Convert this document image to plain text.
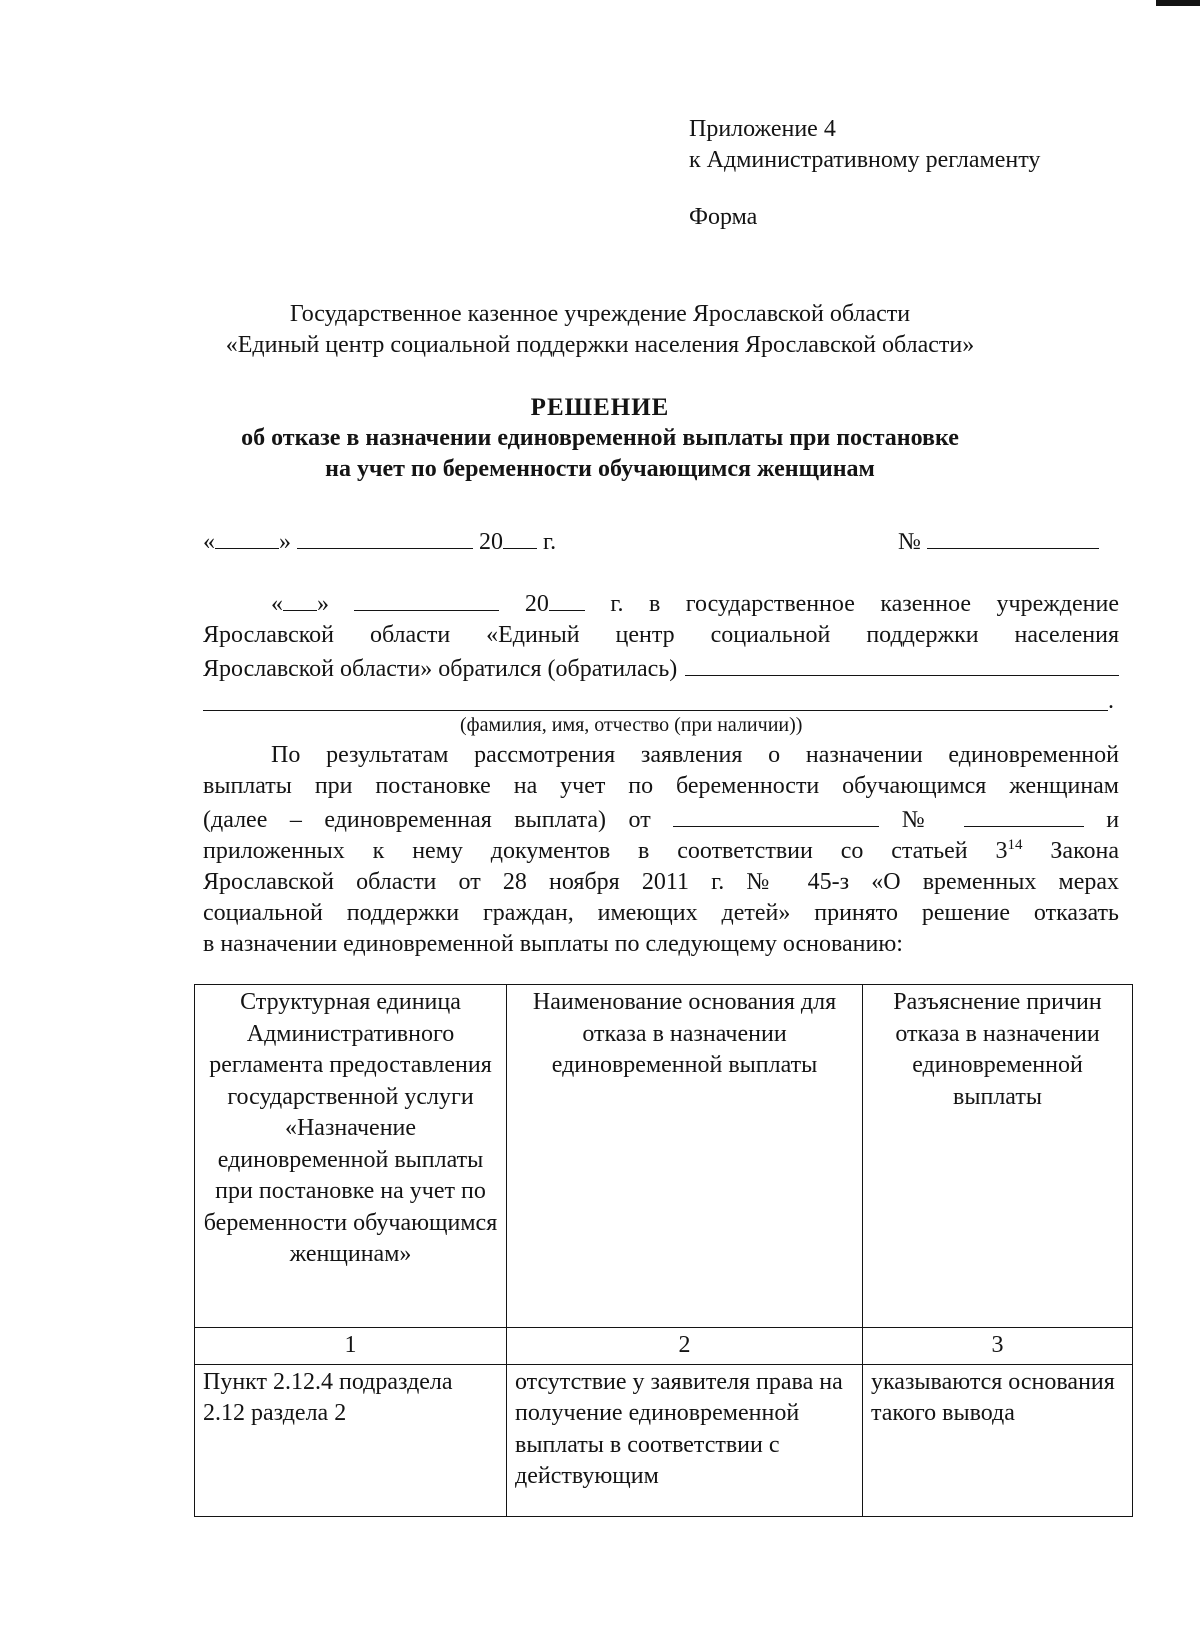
Приложение 4
к Административному регламенту
Форма
Государственное казенное учреждение Ярославской области
«Единый центр социальной поддержки населения Ярославской области»
РЕШЕНИЕ
об отказе в назначении единовременной выплаты при постановке
на учет по беременности обучающимся женщинам
«	»	20 г.	№
« »	20	г. в государственное казенное учреждение
Ярославской области «Единый центр социальной поддержки населения
Ярославской области» обратился (обратилась)
.
(фамилия, имя, отчество (при наличии))
По результатам рассмотрения заявления о назначении единовременной
выплаты при постановке на учет по беременности обучающимся женщинам
(далее – единовременная выплата) от	№	и
приложенных к нему документов в соответствии со статьей $3^{14}$ Закона
Ярославской области от 28 ноября 2011 г. № 45-з «О временных мерах
социальной поддержки граждан, имеющих детей» принято решение отказать
в назначении единовременной выплаты по следующему основанию:
Структурная единица Административного регламента предоставления государственной услуги «Назначение единовременной выплаты при постановке на учет по беременности обучающимся женщинам»	Наименование основания для отказа в назначении единовременной выплаты	Разъяснение причин отказа в назначении единовременной выплаты
1	2	3
Пункт 2.12.4 подраздела 2.12 раздела 2	отсутствие у заявителя права на получение единовременной выплаты в соответствии с действующим	указываются основания такого вывода
